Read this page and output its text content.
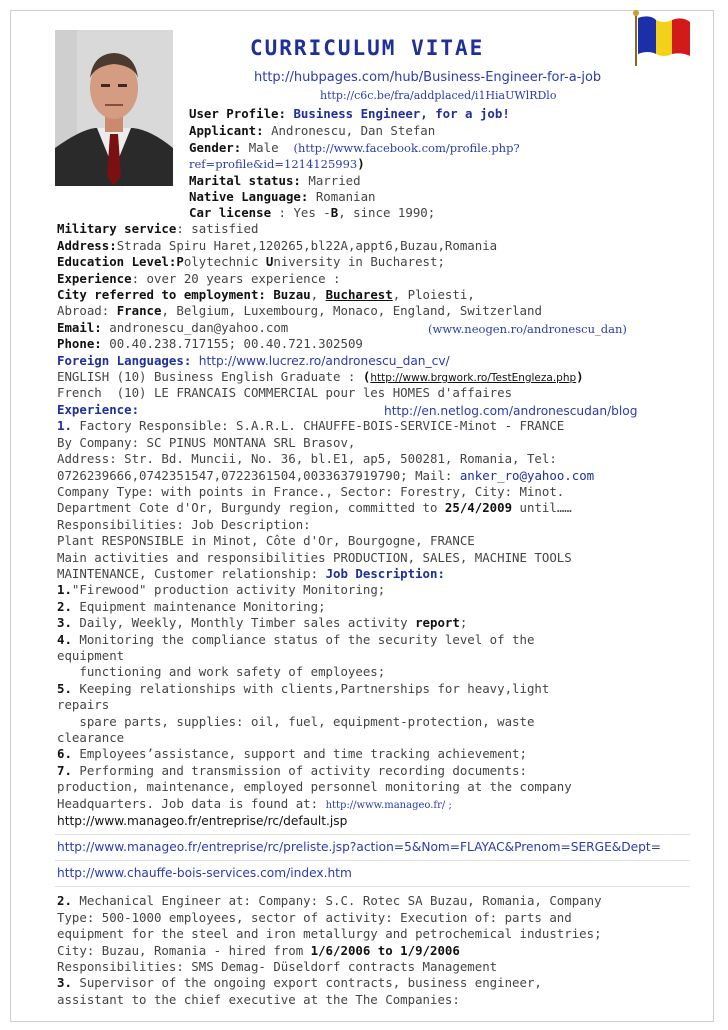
CURRICULUM VITAE
http://hubpages.com/hub/Business-Engineer-for-a-job
http://c6c.be/fra/addplaced/i1HiaUWlRDlo
User Profile: Business Engineer, for a job!
Applicant: Andronescu, Dan Stefan
Gender: Male (http://www.facebook.com/profile.php?
ref=profile&id=1214125993)
Marital status: Married
Native Language: Romanian
Car license : Yes -B, since 1990;
Military service: satisfied
Address:Strada Spiru Haret,120265,bl22A,appt6,Buzau,Romania
Education Level:Polytechnic University in Bucharest;
Experience: over 20 years experience :
City referred to employment: Buzau, Bucharest, Ploiesti,
Abroad: France, Belgium, Luxembourg, Monaco, England, Switzerland
Email: andronescu_dan@yahoo.com	(www.neogen.ro/andronescu_dan)
Phone: 00.40.238.717155; 00.40.721.302509
Foreign Languages: http://www.lucrez.ro/andronescu_dan_cv/
ENGLISH (10) Business English Graduate : (http://www.brgwork.ro/TestEngleza.php)
French  (10) LE FRANCAIS COMMERCIAL pour les HOMES d'affaires
Experience:	http://en.netlog.com/andronescudan/blog
1. Factory Responsible: S.A.R.L. CHAUFFE-BOIS-SERVICE-Minot - FRANCE
By Company: SC PINUS MONTANA SRL Brasov,
Address: Str. Bd. Muncii, No. 36, bl.E1, ap5, 500281, Romania, Tel:
0726239666,0742351547,0722361504,0033637919790; Mail: anker_ro@yahoo.com
Company Type: with points in France., Sector: Forestry, City: Minot.
Department Cote d'Or, Burgundy region, committed to 25/4/2009 until……
Responsibilities: Job Description:
Plant RESPONSIBLE in Minot, Côte d'Or, Bourgogne, FRANCE
Main activities and responsibilities PRODUCTION, SALES, MACHINE TOOLS
MAINTENANCE, Customer relationship: Job Description:
1."Firewood" production activity Monitoring;
2. Equipment maintenance Monitoring;
3. Daily, Weekly, Monthly Timber sales activity report;
4. Monitoring the compliance status of the security level of the
equipment
functioning and work safety of employees;
5. Keeping relationships with clients,Partnerships for heavy,light
repairs
spare parts, supplies: oil, fuel, equipment-protection, waste
clearance
6. Employees’assistance, support and time tracking achievement;
7. Performing and transmission of activity recording documents:
production, maintenance, employed personnel monitoring at the company
Headquarters. Job data is found at: http://www.manageo.fr/ ;
http://www.manageo.fr/entreprise/rc/default.jsp
http://www.manageo.fr/entreprise/rc/preliste.jsp?action=5&Nom=FLAYAC&Prenom=SERGE&Dept=
http://www.chauffe-bois-services.com/index.htm
2. Mechanical Engineer at: Company: S.C. Rotec SA Buzau, Romania, Company
Type: 500-1000 employees, sector of activity: Execution of: parts and
equipment for the steel and iron metallurgy and petrochemical industries;
City: Buzau, Romania - hired from 1/6/2006 to 1/9/2006
Responsibilities: SMS Demag- Düseldorf contracts Management
3. Supervisor of the ongoing export contracts, business engineer,
assistant to the chief executive at the The Companies:
